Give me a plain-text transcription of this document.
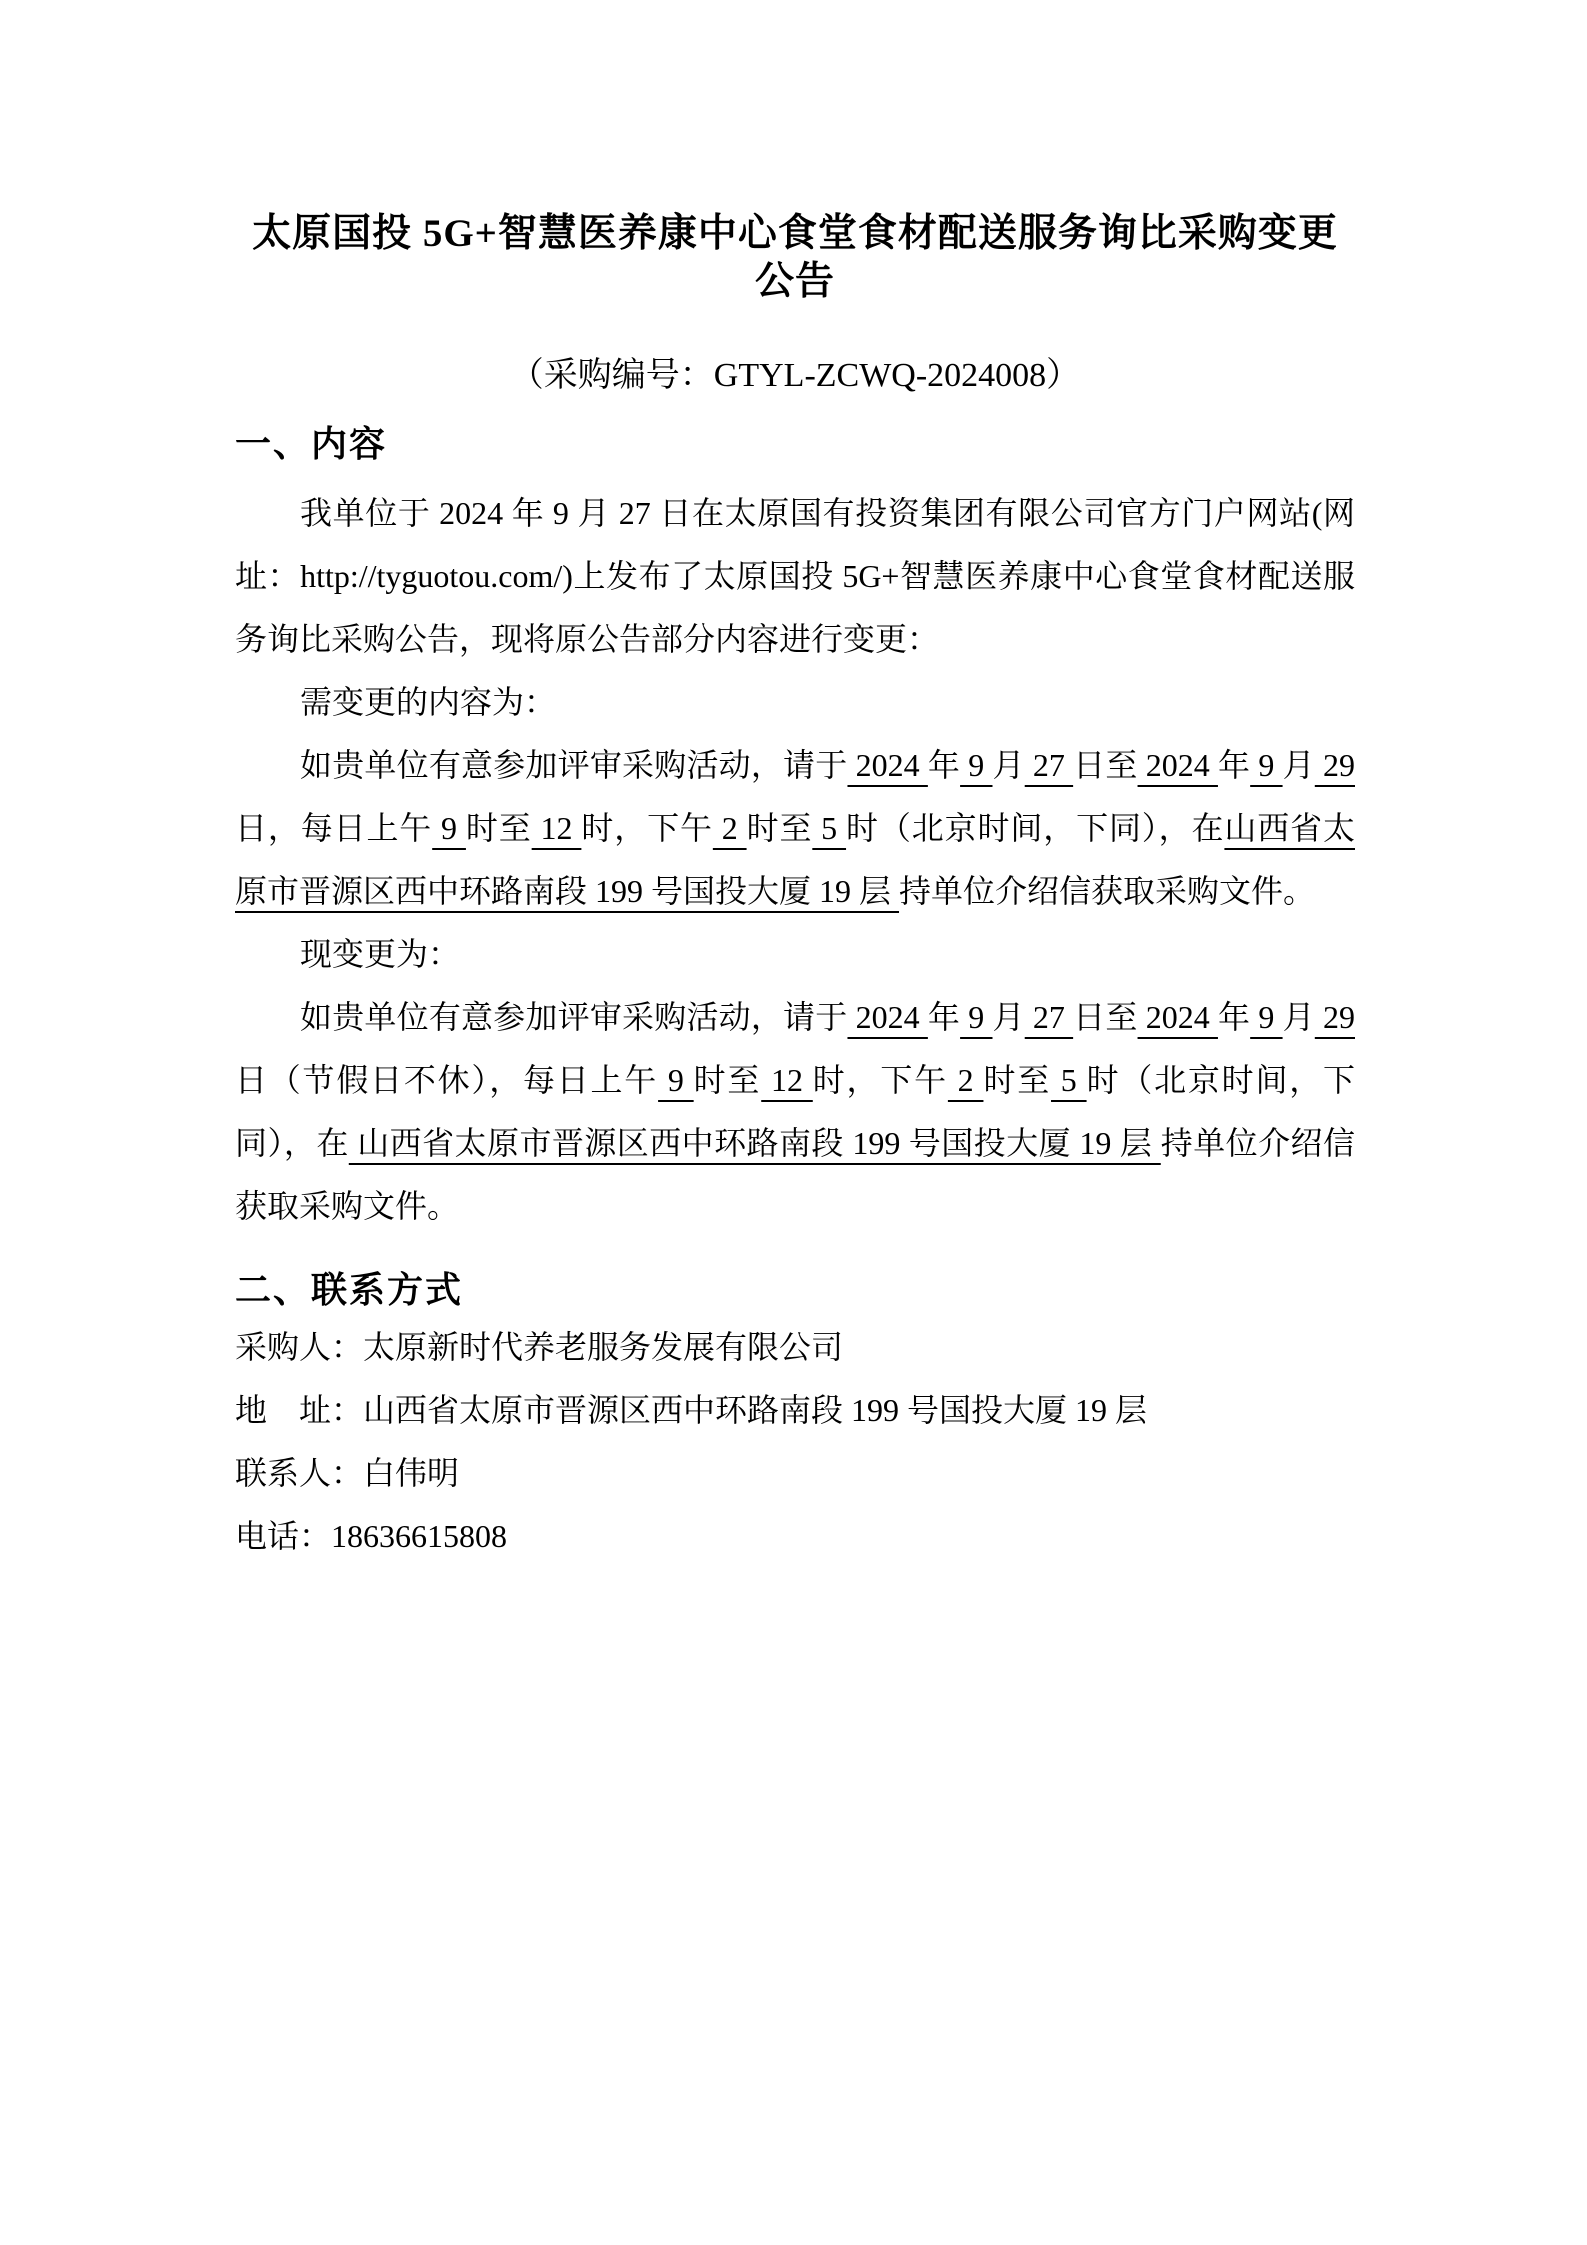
太原国投 5G+智慧医养康中心食堂食材配送服务询比采购变更公告

（采购编号：GTYL-ZCWQ-2024008）

一、内容

我单位于 2024 年 9 月 27 日在太原国有投资集团有限公司官方门户网站(网址：http://tyguotou.com/)上发布了太原国投 5G+智慧医养康中心食堂食材配送服务询比采购公告，现将原公告部分内容进行变更：

需变更的内容为：

如贵单位有意参加评审采购活动，请于 2024 年 9 月 27 日至 2024 年 9 月 29 日，每日上午 9 时至 12 时，下午 2 时至 5 时（北京时间，下同），在山西省太原市晋源区西中环路南段 199 号国投大厦 19 层 持单位介绍信获取采购文件。

现变更为：

如贵单位有意参加评审采购活动，请于 2024 年 9 月 27 日至 2024 年 9 月 29 日（节假日不休），每日上午 9 时至 12 时，下午 2 时至 5 时（北京时间，下同），在 山西省太原市晋源区西中环路南段 199 号国投大厦 19 层 持单位介绍信获取采购文件。

二、联系方式

采购人：太原新时代养老服务发展有限公司

地　址：山西省太原市晋源区西中环路南段 199 号国投大厦 19 层

联系人：白伟明

电话：18636615808
